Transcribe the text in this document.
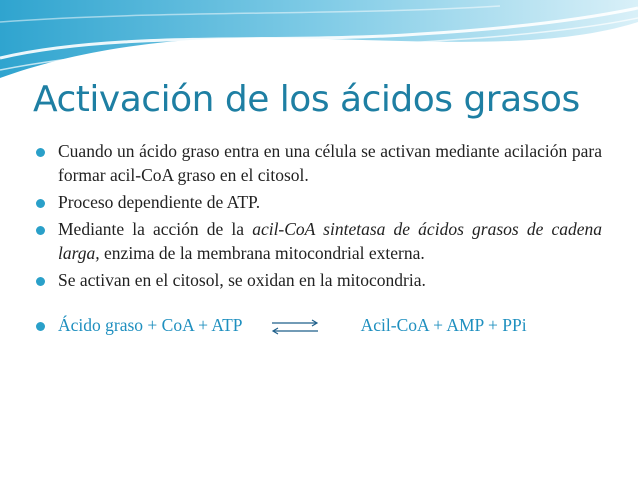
Activación de los ácidos grasos
Cuando un ácido graso entra en una célula se activan mediante acilación para formar acil-CoA graso en el citosol.
Proceso dependiente de ATP.
Mediante la acción de la acil-CoA sintetasa de ácidos grasos de cadena larga, enzima de la membrana mitocondrial externa.
Se activan en el citosol, se oxidan en la mitocondria.
Ácido graso + CoA + ATP	Acil-CoA + AMP + PPi
